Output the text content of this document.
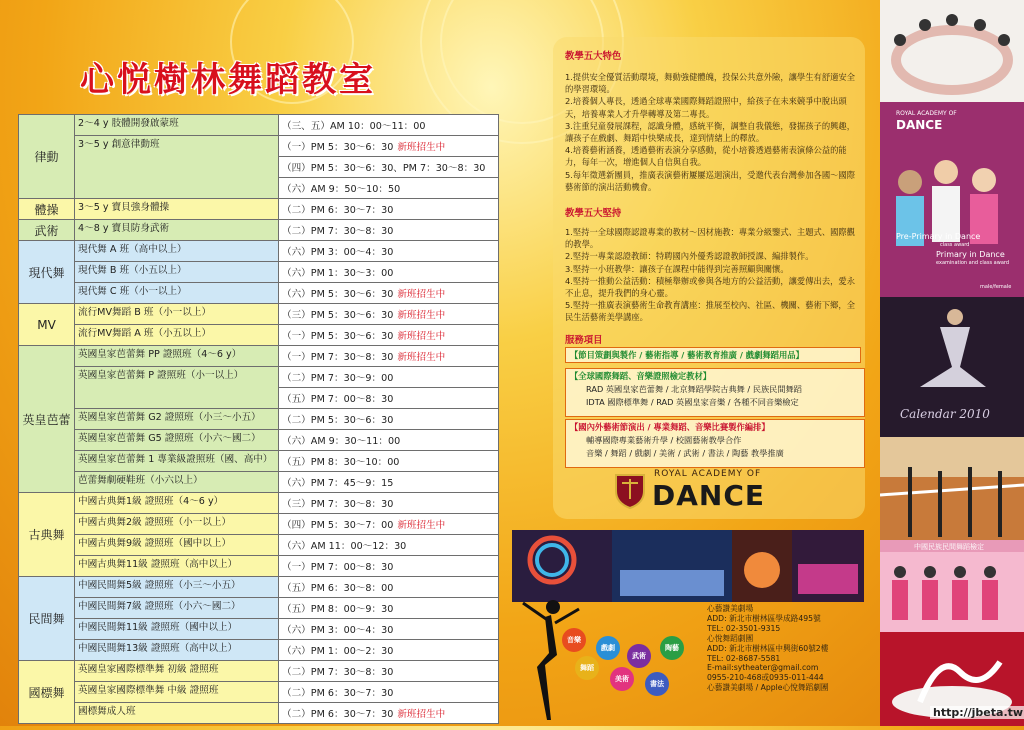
心悦樹林舞蹈教室
律動	2～4 y 肢體開發啟蒙班	（三、五）AM 10：00～11：00
	3～5 y 創意律動班	（一）PM 5：30～6：30 新班招生中
		（四）PM 5：30～6：30、PM 7：30～8：30
		（六）AM 9：50～10：50
體操	3～5 y 寶貝強身體操	（二）PM 6：30～7：30
武術	4～8 y 寶貝防身武術	（二）PM 7：30～8：30
現代舞	現代舞 A 班（高中以上）	（六）PM 3：00～4：30
	現代舞 B 班（小五以上）	（六）PM 1：30～3：00
	現代舞 C 班（小一以上）	（六）PM 5：30～6：30 新班招生中
MV	流行MV舞蹈 B 班（小一以上）	（三）PM 5：30～6：30 新班招生中
	流行MV舞蹈 A 班（小五以上）	（一）PM 5：30～6：30 新班招生中
英皇芭蕾	英國皇家芭蕾舞 PP 證照班（4～6 y）	（一）PM 7：30～8：30 新班招生中
	英國皇家芭蕾舞 P 證照班（小一以上）	（二）PM 7：30～9：00
		（五）PM 7：00～8：30
	英國皇家芭蕾舞 G2 證照班（小三～小五）	（二）PM 5：30～6：30
	英國皇家芭蕾舞 G5 證照班（小六～國二）	（六）AM 9：30～11：00
	英國皇家芭蕾舞 1 專業級證照班（國、高中）	（五）PM 8：30～10：00
	芭蕾舞劇硬鞋班（小六以上）	（六）PM 7：45～9：15
古典舞	中國古典舞1級 證照班（4～6 y）	（三）PM 7：30～8：30
	中國古典舞2級 證照班（小一以上）	（四）PM 5：30～7：00 新班招生中
	中國古典舞9級 證照班（國中以上）	（六）AM 11：00～12：30
	中國古典舞11級 證照班（高中以上）	（一）PM 7：00～8：30
民間舞	中國民間舞5級 證照班（小三～小五）	（五）PM 6：30～8：00
	中國民間舞7級 證照班（小六～國二）	（五）PM 8：00～9：30
	中國民間舞11級 證照班（國中以上）	（六）PM 3：00～4：30
	中國民間舞13級 證照班（高中以上）	（六）PM 1：00～2：30
國標舞	英國皇家國際標準舞 初級 證照班	（二）PM 7：30～8：30
	英國皇家國際標準舞 中級 證照班	（二）PM 6：30～7：30
	國標舞成人班	（二）PM 6：30～7：30 新班招生中
教學五大特色

1.提供安全優質活動環境，舞動強健體魄，投保公共意外險，讓學生有舒適安全的學習環境。

2.培養個人專長，透過全球專業國際舞蹈證照中，給孩子在未來競爭中脫出頭天，培養專業人才升學轉導及第二專長。

3.注重兒童發展課程，認識身體，感統平衡，調整自我儀態，發掘孩子的興趣，讓孩子在戲劇、舞蹈中快樂成長，達到情緒上的釋放。

4.培養藝術涵養，透過藝術表演分享感動，從小培養透過藝術表演條公益的能力，每年一次，增進個人自信與自我。

5.每年徵選新團員，推廣表演藝術屢屢巡迴演出，受邀代表台灣參加各國～國際藝術節的演出活動機會。

教學五大堅持

1.堅持一全球國際認證專業的教材～因材施教：專業分級鑒式、主題式、國際觀的教學。

2.堅持一專業認證教師：特聘國內外優秀認證教師授課、編排製作。

3.堅持一小班教學：讓孩子在課程中能得到完善照顧與關懷。

4.堅持一推動公益活動：積極舉辦或參與各地方的公益活動，讓愛傳出去，愛永不止息，提升我們的身心靈。

5.堅持一推廣表演藝術生命教育講座：推展至校內、社區、機關、藝術下鄉，全民生活藝術美學講座。

服務項目
【節目策劃與製作 / 藝術指導 / 藝術教育推廣 / 戲劇舞蹈用品】
【全球國際舞蹈、音樂證照檢定教材】
RAD 英國皇家芭蕾舞 / 北京舞蹈學院古典舞 / 民族民間舞蹈
IDTA 國際標準舞 / RAD 英國皇家音樂 / 各種不同音樂檢定
【國內外藝術節演出 / 專業舞蹈、音樂比賽製作編排】
輔導國際專業藝術升學 / 校園藝術教學合作
音樂 / 舞蹈 / 戲劇 / 美術 / 武術 / 書法 / 陶藝 教學推廣
ROYAL ACADEMY OF
DANCE
音樂
戲劇
武術
陶藝
舞蹈
美術
書法
心藝讚美劇場
ADD: 新北市樹林區學成路495號
TEL: 02-3501-9315
心悅舞蹈劇團
ADD: 新北市樹林區中興街60號2樓
TEL: 02-8687-5581
E-mail:sytheater@gmail.com
0955-210-468或0935-011-444
心藝讚美劇場 / Apple心悅舞蹈劇團
ROYAL ACADEMY OF
DANCE
Pre-Primary in Dance
class award
Primary in Dance
examination and class award
male/female
Calendar 2010
中國民族民間舞蹈檢定
http://jbeta.tw
